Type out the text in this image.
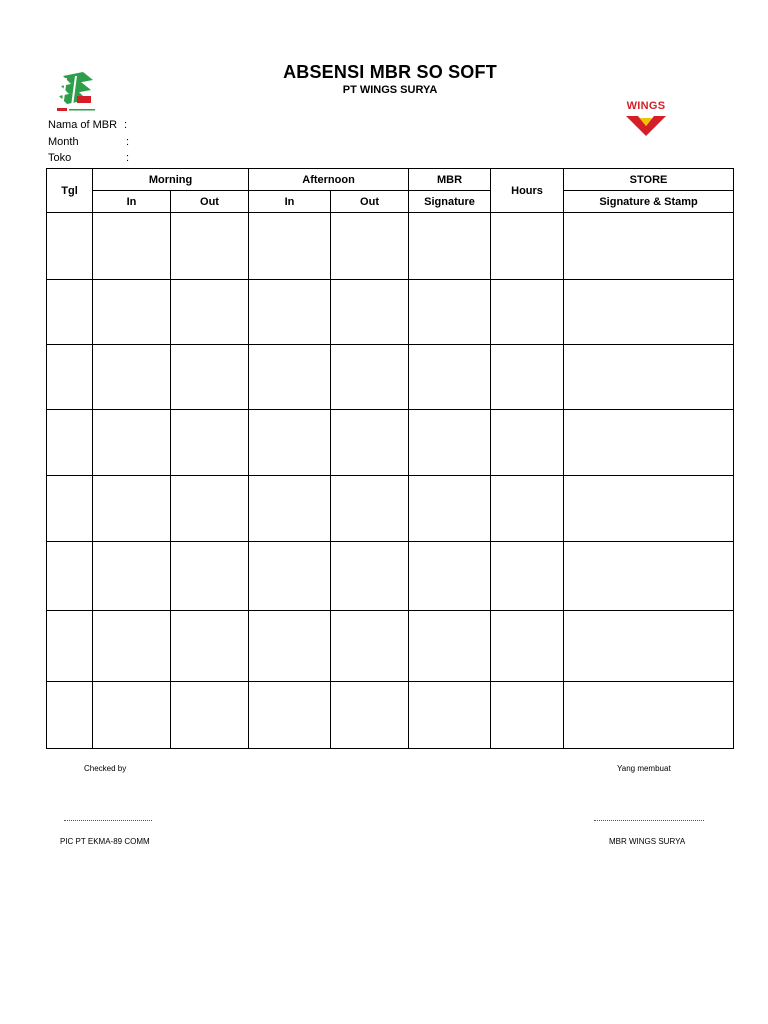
ABSENSI MBR SO SOFT
PT WINGS SURYA
WINGS
Nama of MBR :
Month	:
Toko	:
Tgl	Morning		Afternoon		MBR	Hours	STORE
	In	Out	In	Out	Signature		Signature & Stamp

Checked by	Yang membuat
PIC PT EKMA-89 COMM	MBR WINGS SURYA
